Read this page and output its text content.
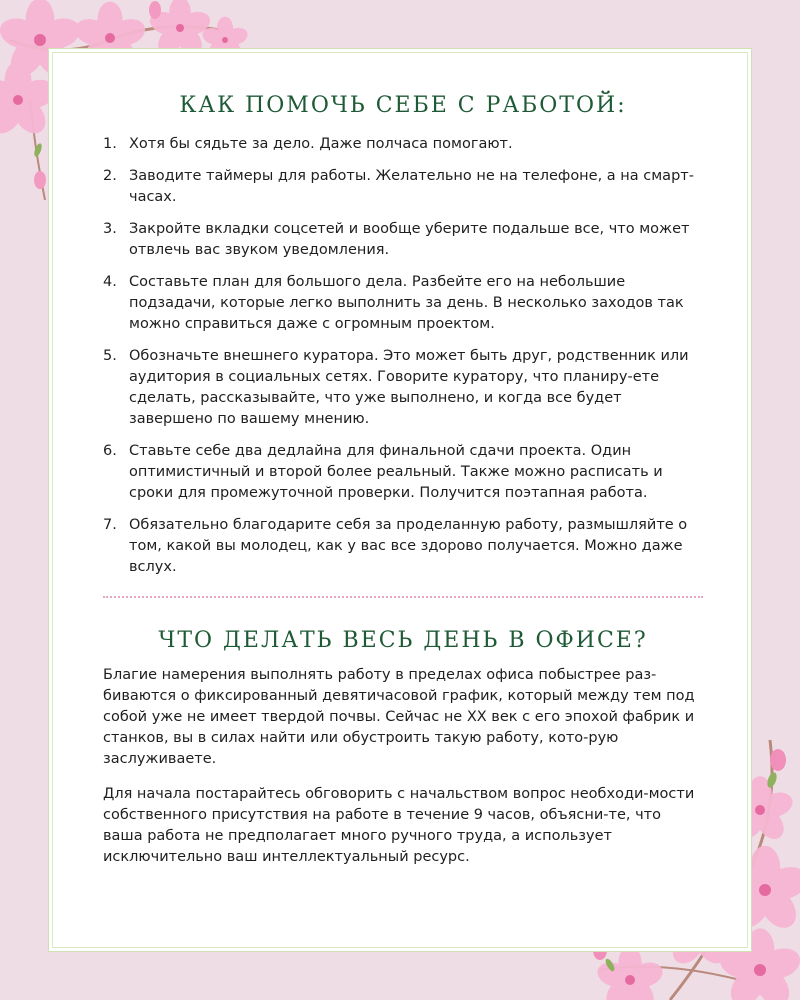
КАК ПОМОЧЬ СЕБЕ С РАБОТОЙ:
1. Хотя бы сядьте за дело. Даже полчаса помогают.
2. Заводите таймеры для работы. Желательно не на телефоне, а на смарт-часах.
3. Закройте вкладки соцсетей и вообще уберите подальше все, что может отвлечь вас звуком уведомления.
4. Составьте план для большого дела. Разбейте его на небольшие подзадачи, которые легко выполнить за день. В несколько заходов так можно справиться даже с огромным проектом.
5. Обозначьте внешнего куратора. Это может быть друг, родственник или аудитория в социальных сетях. Говорите куратору, что планиру-ете сделать, рассказывайте, что уже выполнено, и когда все будет завершено по вашему мнению.
6. Ставьте себе два дедлайна для финальной сдачи проекта. Один оптимистичный и второй более реальный. Также можно расписать и сроки для промежуточной проверки. Получится поэтапная работа.
7. Обязательно благодарите себя за проделанную работу, размышляйте о том, какой вы молодец, как у вас все здорово получается. Можно даже вслух.
ЧТО ДЕЛАТЬ ВЕСЬ ДЕНЬ В ОФИСЕ?

Благие намерения выполнять работу в пределах офиса побыстрее раз-биваются о фиксированный девятичасовой график, который между тем под собой уже не имеет твердой почвы. Сейчас не XX век с его эпохой фабрик и станков, вы в силах найти или обустроить такую работу, кото-рую заслуживаете.

Для начала постарайтесь обговорить с начальством вопрос необходи-мости собственного присутствия на работе в течение 9 часов, объясни-те, что ваша работа не предполагает много ручного труда, а использует исключительно ваш интеллектуальный ресурс.
